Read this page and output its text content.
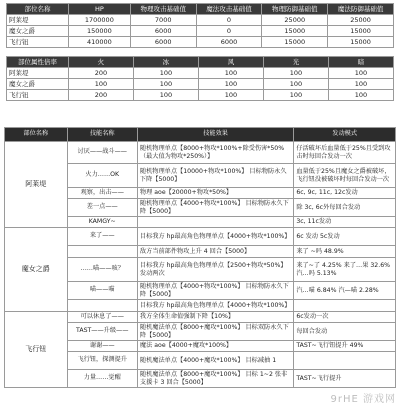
部位名称	HP	物理攻击基础值	魔法攻击基础值	物理防御基础值	魔法防御基础值
阿莱堤	1700000	7000	0	25000	25000
魔女之爵	150000	6000	0	15000	15000
飞行钮	410000	6000	6000	15000	15000
部位属性倍率	火	冰	风	光	暗
阿莱堤	200	100	100	100	100
魔女之爵	100	100	100	100	100
飞行钮	200	100	100	100	100
部位名称	技能名称	技能效果	发动模式
阿莱堤	讨厌——战斗——	随机物理单点【8000+物攻*100%+除受伤害*50%（最大值为物攻*250%）】	仔活破坏后血量低于25%且受到攻击时每回合发动一次
	火力……OK	随机物理单点【10000+物攻*100%】 目标物防永久下降【5000】	血量低于25%且魔女之爵被破坏，飞行钮没被破坏时每回合发动一次
	观察，出击——	物理 aoe【20000+物攻*50%】	6c, 9c, 11c, 12c发动
	差一点——	随机物理单点【4000+物攻*100%】 目标物防永久下降【5000】	除 3c, 6c外每回合发动
	KAMGY~		3c, 11c发动
魔女之爵	来了——	目标我方 hp最高角色物理单点【4000+物攻*100%】	6c 发动 5c发动
		敌方当前部件物攻上升 4 回合【5000】	来了 ~吗 48.9%
	……喵——咳？	目标我方 hp最高角色物理单点【2500+物攻*50%】 发动两次	来了~了 4.25% 来了…果 32.6% 汽…吗 5.13%
	喵——喵	随机物理单点【4000+物攻*100%】 目标物防永久下降【5000】	汽…喵 6.84% 汽—喵 2.28%
		目标我方 hp最高角色物理单点【4000+物攻*100%】	
飞行钮	可以休息了——	我方全体生命值强制下降【10%】	6c发动一次
	TAST——升级——	随机魔法单点【8000+魔攻*100%】 目标双防永久下降【5000】	每回合发动
	谢谢——	魔法 aoe【4000+魔攻*100%】	TAST~飞行钮提升 49%
	飞行钮，探测提升	随机魔法单点【4000+魔攻*100%】 目标减抽 1	
	力量……觉醒	随机魔法单点【8000+魔攻*100%】 目标 1~2 张非支援卡 3 回合【5000】	TAST~飞行提升
9rHE 游戏网
